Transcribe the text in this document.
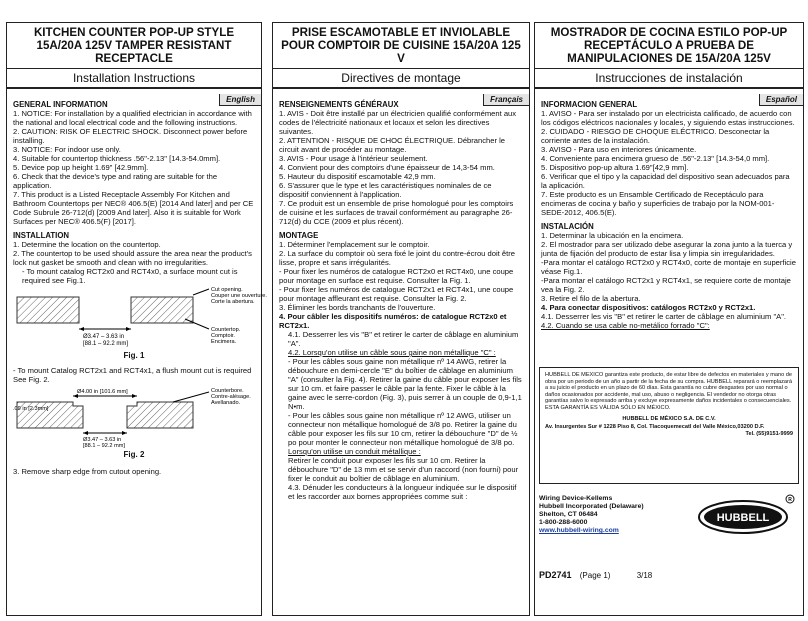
KITCHEN COUNTER POP-UP STYLE 15A/20A 125V TAMPER RESISTANT RECEPTACLE
Installation Instructions
English
GENERAL INFORMATION
1. NOTICE: For installation by a qualified electrician in accordance with the national and local electrical code and the following instructions.
2. CAUTION: RISK OF ELECTRIC SHOCK. Disconnect power before installing.
3. NOTICE: For indoor use only.
4. Suitable for countertop thickness .56"-2.13" [14.3-54.0mm].
5. Device pop up height 1.69" [42.9mm].
6. Check that the device's type and rating are suitable for the application.
7. This product is a Listed Receptacle Assembly For Kitchen and Bathroom Countertops per NEC® 406.5(E) [2014 And later] and per CE Code Subrule 26-712(d) [2009 And later]. Also it is suitable for Work Surfaces per NEC® 406.5(F) [2017].
INSTALLATION
1. Determine the location on the countertop.
2. The countertop to be used should assure the area near the product's lock nut gasket be smooth and clean with no irregularities.
- To mount catalog RCT2x0 and RCT4x0, a surface mount cut is required see Fig.1.
Ø3.47 – 3.63 in
[88.1 – 92.2 mm]
Cut opening.
Couper une ouverture.
Corte la abertura.
Countertop.
Comptoir.
Encimera.
Fig. 1
- To mount Catalog RCT2x1 and RCT4x1, a flush mount cut is required See Fig. 2.
Ø4.00 in [101.6 mm]
.09 in [2.3mm]
Ø3.47 – 3.63 in
[88.1 – 92.2 mm]
Counterbore.
Contre-alésage.
Avellanado.
Fig. 2
3. Remove sharp edge from cutout opening.
PRISE ESCAMOTABLE ET INVIOLABLE POUR COMPTOIR DE CUISINE 15A/20A 125 V
Directives de montage
Français
RENSEIGNEMENTS GÉNÉRAUX
1. AVIS - Doit être installé par un électricien qualifié conformément aux codes de l'électricité nationaux et locaux et selon les directives suivantes.
2. ATTENTION - RISQUE DE CHOC ÉLECTRIQUE. Débrancher le circuit avant de procéder au montage.
3. AVIS - Pour usage à l'intérieur seulement.
4. Convient pour des comptoirs d'une épaisseur de 14,3-54 mm.
5. Hauteur du dispositif escamotable 42,9 mm.
6. S'assurer que le type et les caractéristiques nominales de ce dispositif conviennent à l'application.
7. Ce produit est un ensemble de prise homologué pour les comptoirs de cuisine et les surfaces de travail conformément au paragraphe 26-712(d) du CCE (2009 et plus récent).
MONTAGE
1. Déterminer l'emplacement sur le comptoir.
2. La surface du comptoir où sera fixé le joint du contre-écrou doit être lisse, propre et sans irrégularités.
- Pour fixer les numéros de catalogue RCT2x0 et RCT4x0, une coupe pour montage en surface est requise. Consulter la Fig. 1.
- Pour fixer les numéros de catalogue RCT2x1 et RCT4x1, une coupe pour montage affleurant est requise. Consulter la Fig. 2.
3. Éliminer les bords tranchants de l'ouverture.
4. Pour câbler les dispositifs numéros: de catalogue RCT2x0 et RCT2x1.
4.1. Desserrer les vis "B" et retirer le carter de câblage en aluminium "A".
4.2. Lorsqu'on utilise un câble sous gaine non métallique "C" :
- Pour les câbles sous gaine non métallique nº 14 AWG, retirer la débouchure en demi-cercle "E" du boîtier de câblage en aluminium "A" (consulter la Fig. 4). Retirer la gaine du câble pour exposer les fils sur 10 cm. et faire passer le câble par la fente. Fixer le câble à la gaine avec le serre-cordon (Fig. 3), puis serrer à un couple de 0,9-1,1 N•m.
- Pour les câbles sous gaine non métallique nº 12 AWG, utiliser un connecteur non métallique homologué de 3/8 po. Retirer la gaine du câble pour exposer les fils sur 10 cm, retirer la débouchure "D" de ½ po pour monter le connecteur non métallique homologué de 3/8 po.
Lorsqu'on utilise un conduit métallique :
Retirer le conduit pour exposer les fils sur 10 cm. Retirer la débouchure "D" de 13 mm et se servir d'un raccord (non fourni) pour fixer le conduit au boîtier de câblage en aluminium.
4.3. Dénuder les conducteurs à la longueur indiquée sur le dispositif et les raccorder aux bornes appropriées comme suit :
MOSTRADOR DE COCINA ESTILO POP-UP RECEPTÁCULO A PRUEBA DE MANIPULACIONES DE 15A/20A 125V
Instrucciones de instalación
Español
INFORMACION GENERAL
1. AVISO - Para ser instalado por un electricista calificado, de acuerdo con los códigos eléctricos nacionales y locales, y siguiendo estas instrucciones.
2. CUIDADO - RIESGO DE CHOQUE ELÉCTRICO. Desconectar la corriente antes de la instalación.
3. AVISO - Para uso en interiores únicamente.
4. Conveniente para encimera grueso de .56"-2.13" [14.3-54,0 mm].
5. Dispositivo pop-up altura 1.69"[42,9 mm].
6. Verificar que el tipo y la capacidad del dispositivo sean adecuados para la aplicación.
7. Este producto es un Ensamble Certificado de Receptáculo para encimeras de cocina y baño y superficies de trabajo por la NOM-001-SEDE-2012, 406.5(E).
INSTALACIÓN
1. Determinar la ubicación en la encimera.
2. El mostrador para ser utilizado debe asegurar la zona junto a la tuerca y junta de fijación del producto de estar lisa y limpia sin irregularidades.
-Para montar el catálogo RCT2x0 y RCT4x0, corte de montaje en superficie véase Fig.1.
-Para montar el catálogo RCT2x1 y RCT4x1, se requiere corte de montaje vea la Fig. 2.
3. Retire el filo de la abertura.
4. Para conectar dispositivos: catálogos RCT2x0 y RCT2x1.
4.1. Desserrer les vis "B" et retirer le carter de câblage en aluminium "A".
4.2. Cuando se usa cable no-metálico forrado "C":
HUBBELL DE MEXICO garantiza este producto, de estar libre de defectos en materiales y mano de obra por un periodo de un año a partir de la fecha de su compra. HUBBELL reparará o reemplazará a su juicio el producto en un plazo de 60 días. Esta garantía no cubre desgastes por uso normal o daños ocasionados por accidente, mal uso, abuso o negligencia. El vendedor no otorga otras garantías salvo lo expresado arriba y excluye expresamente daños incidentales o consecuenciales. ESTA GARANTÍA ES VÁLIDA SÓLO EN MÉXICO.
HUBBELL DE MÉXICO S.A. DE C.V.
Av. Insurgentes Sur # 1228 Piso 8, Col. Tlacoquemecatl del Valle México,03200 D.F.
Tel. (55)9151-9999
Wiring Device-Kellems
Hubbell Incorporated (Delaware)
Shelton, CT 06484
1-800-288-6000
www.hubbell-wiring.com
HUBBELL
R
PD2741 (Page 1)	3/18
